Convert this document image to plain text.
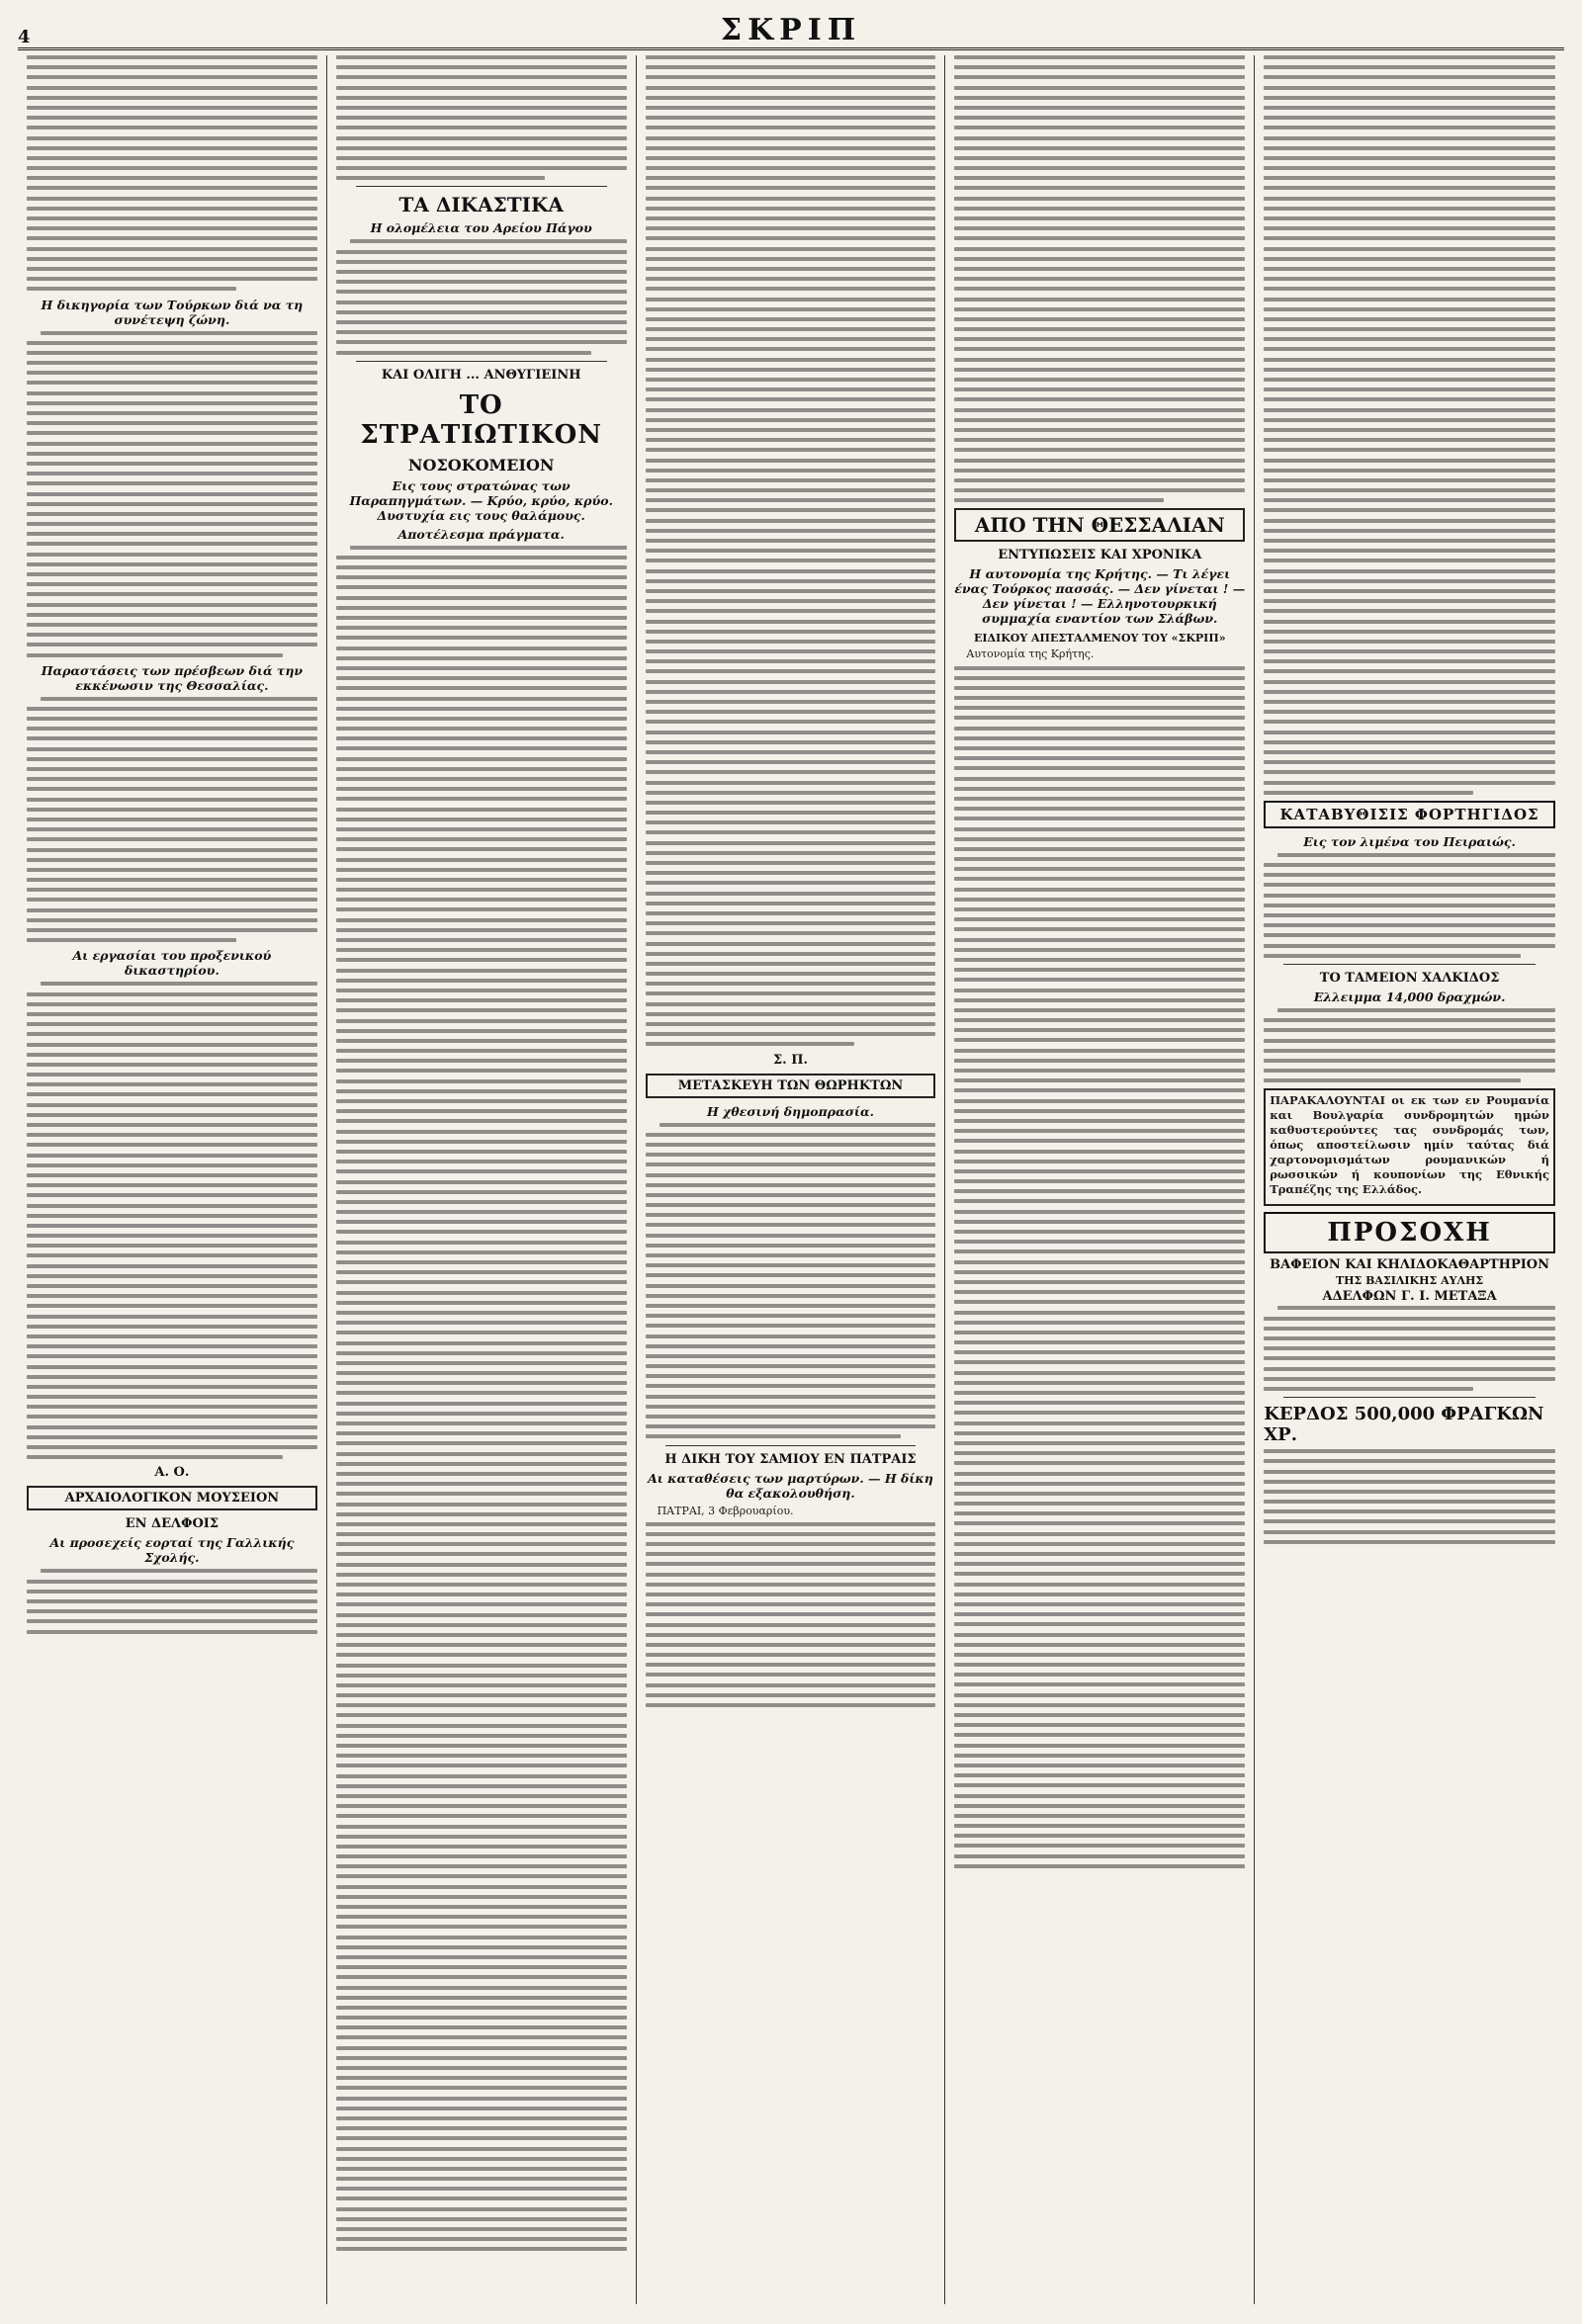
4	ΣΚΡΙΠ
Η δικηγορία των Τούρκων διά να τη συνέτεψη ζώνη.
Παραστάσεις των πρέσβεων διά την εκκένωσιν της Θεσσαλίας.
Αι εργασίαι του προξενικού δικαστηρίου.
Α. Ο.
ΑΡΧΑΙΟΛΟΓΙΚΟΝ ΜΟΥΣΕΙΟΝ
ΕΝ ΔΕΛΦΟΙΣ
Αι προσεχείς εορταί της Γαλλικής Σχολής.
ΤΑ ΔΙΚΑΣΤΙΚΑ
Η ολομέλεια του Αρείου Πάγου
ΚΑΙ ΟΛΙΓΗ ... ΑΝΘΥΓΙΕΙΝΗ
ΤΟ ΣΤΡΑΤΙΩΤΙΚΟΝ
ΝΟΣΟΚΟΜΕΙΟΝ
Εις τους στρατώνας των Παραπηγμάτων. — Κρύο, κρύο, κρύο. Δυστυχία εις τους θαλάμους.
Αποτέλεσμα πράγματα.
Σ. Π.
ΜΕΤΑΣΚΕΥΗ ΤΩΝ ΘΩΡΗΚΤΩΝ
Η χθεσινή δημοπρασία.
Η ΔΙΚΗ ΤΟΥ ΣΑΜΙΟΥ ΕΝ ΠΑΤΡΑΙΣ
Αι καταθέσεις των μαρτύρων. — Η δίκη θα εξακολουθήση.

ΠΑΤΡΑΙ, 3 Φεβρουαρίου.

ΑΠΟ ΤΗΝ ΘΕΣΣΑΛΙΑΝ
ΕΝΤΥΠΩΣΕΙΣ ΚΑΙ ΧΡΟΝΙΚΑ
Η αυτονομία της Κρήτης. — Τι λέγει ένας Τούρκος πασσάς. — Δεν γίνεται ! — Δεν γίνεται ! — Ελληνοτουρκική συμμαχία εναντίον των Σλάβων.
ΕΙΔΙΚΟΥ ΑΠΕΣΤΑΛΜΕΝΟΥ ΤΟΥ «ΣΚΡΙΠ»

Αυτονομία της Κρήτης.

ΚΑΤΑΒΥΘΙΣΙΣ ΦΟΡΤΗΓΙΔΟΣ
Εις τον λιμένα του Πειραιώς.
ΤΟ ΤΑΜΕΙΟΝ ΧΑΛΚΙΔΟΣ
Ελλειμμα 14,000 δραχμών.

ΠΑΡΑΚΑΛΟΥΝΤΑΙ οι εκ των εν Ρουμανία και Βουλγαρία συνδρομητών ημών καθυστερούντες τας συνδρομάς των, όπως αποστείλωσιν ημίν ταύτας διά χαρτονομισμάτων ρουμανικών ή ρωσσικών ή κουπονίων της Εθνικής Τραπέζης της Ελλάδος.

ΠΡΟΣΟΧΗ
ΒΑΦΕΙΟΝ ΚΑΙ ΚΗΛΙΔΟΚΑΘΑΡΤΗΡΙΟΝ
ΤΗΣ ΒΑΣΙΛΙΚΗΣ ΑΥΛΗΣ
ΑΔΕΛΦΩΝ Γ. Ι. ΜΕΤΑΞΑ
ΚΕΡΔΟΣ 500,000 ΦΡΑΓΚΩΝ ΧΡ.
